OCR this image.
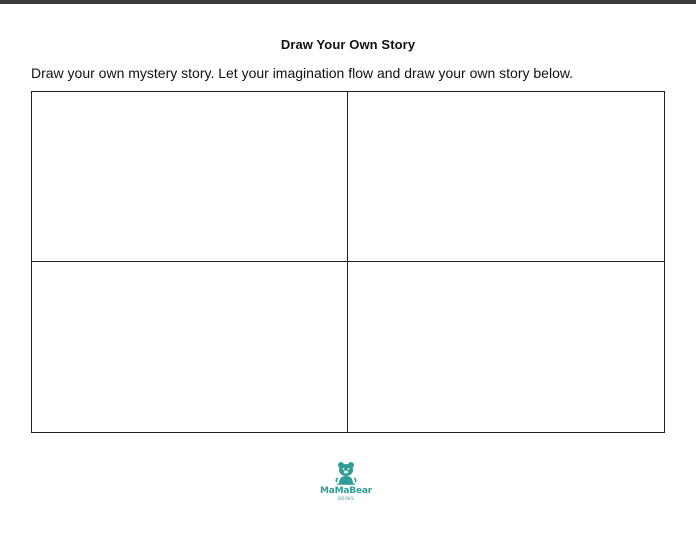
Draw Your Own Story
Draw your own mystery story. Let your imagination flow and draw your own story below.
MaMaBear
BOOKS
